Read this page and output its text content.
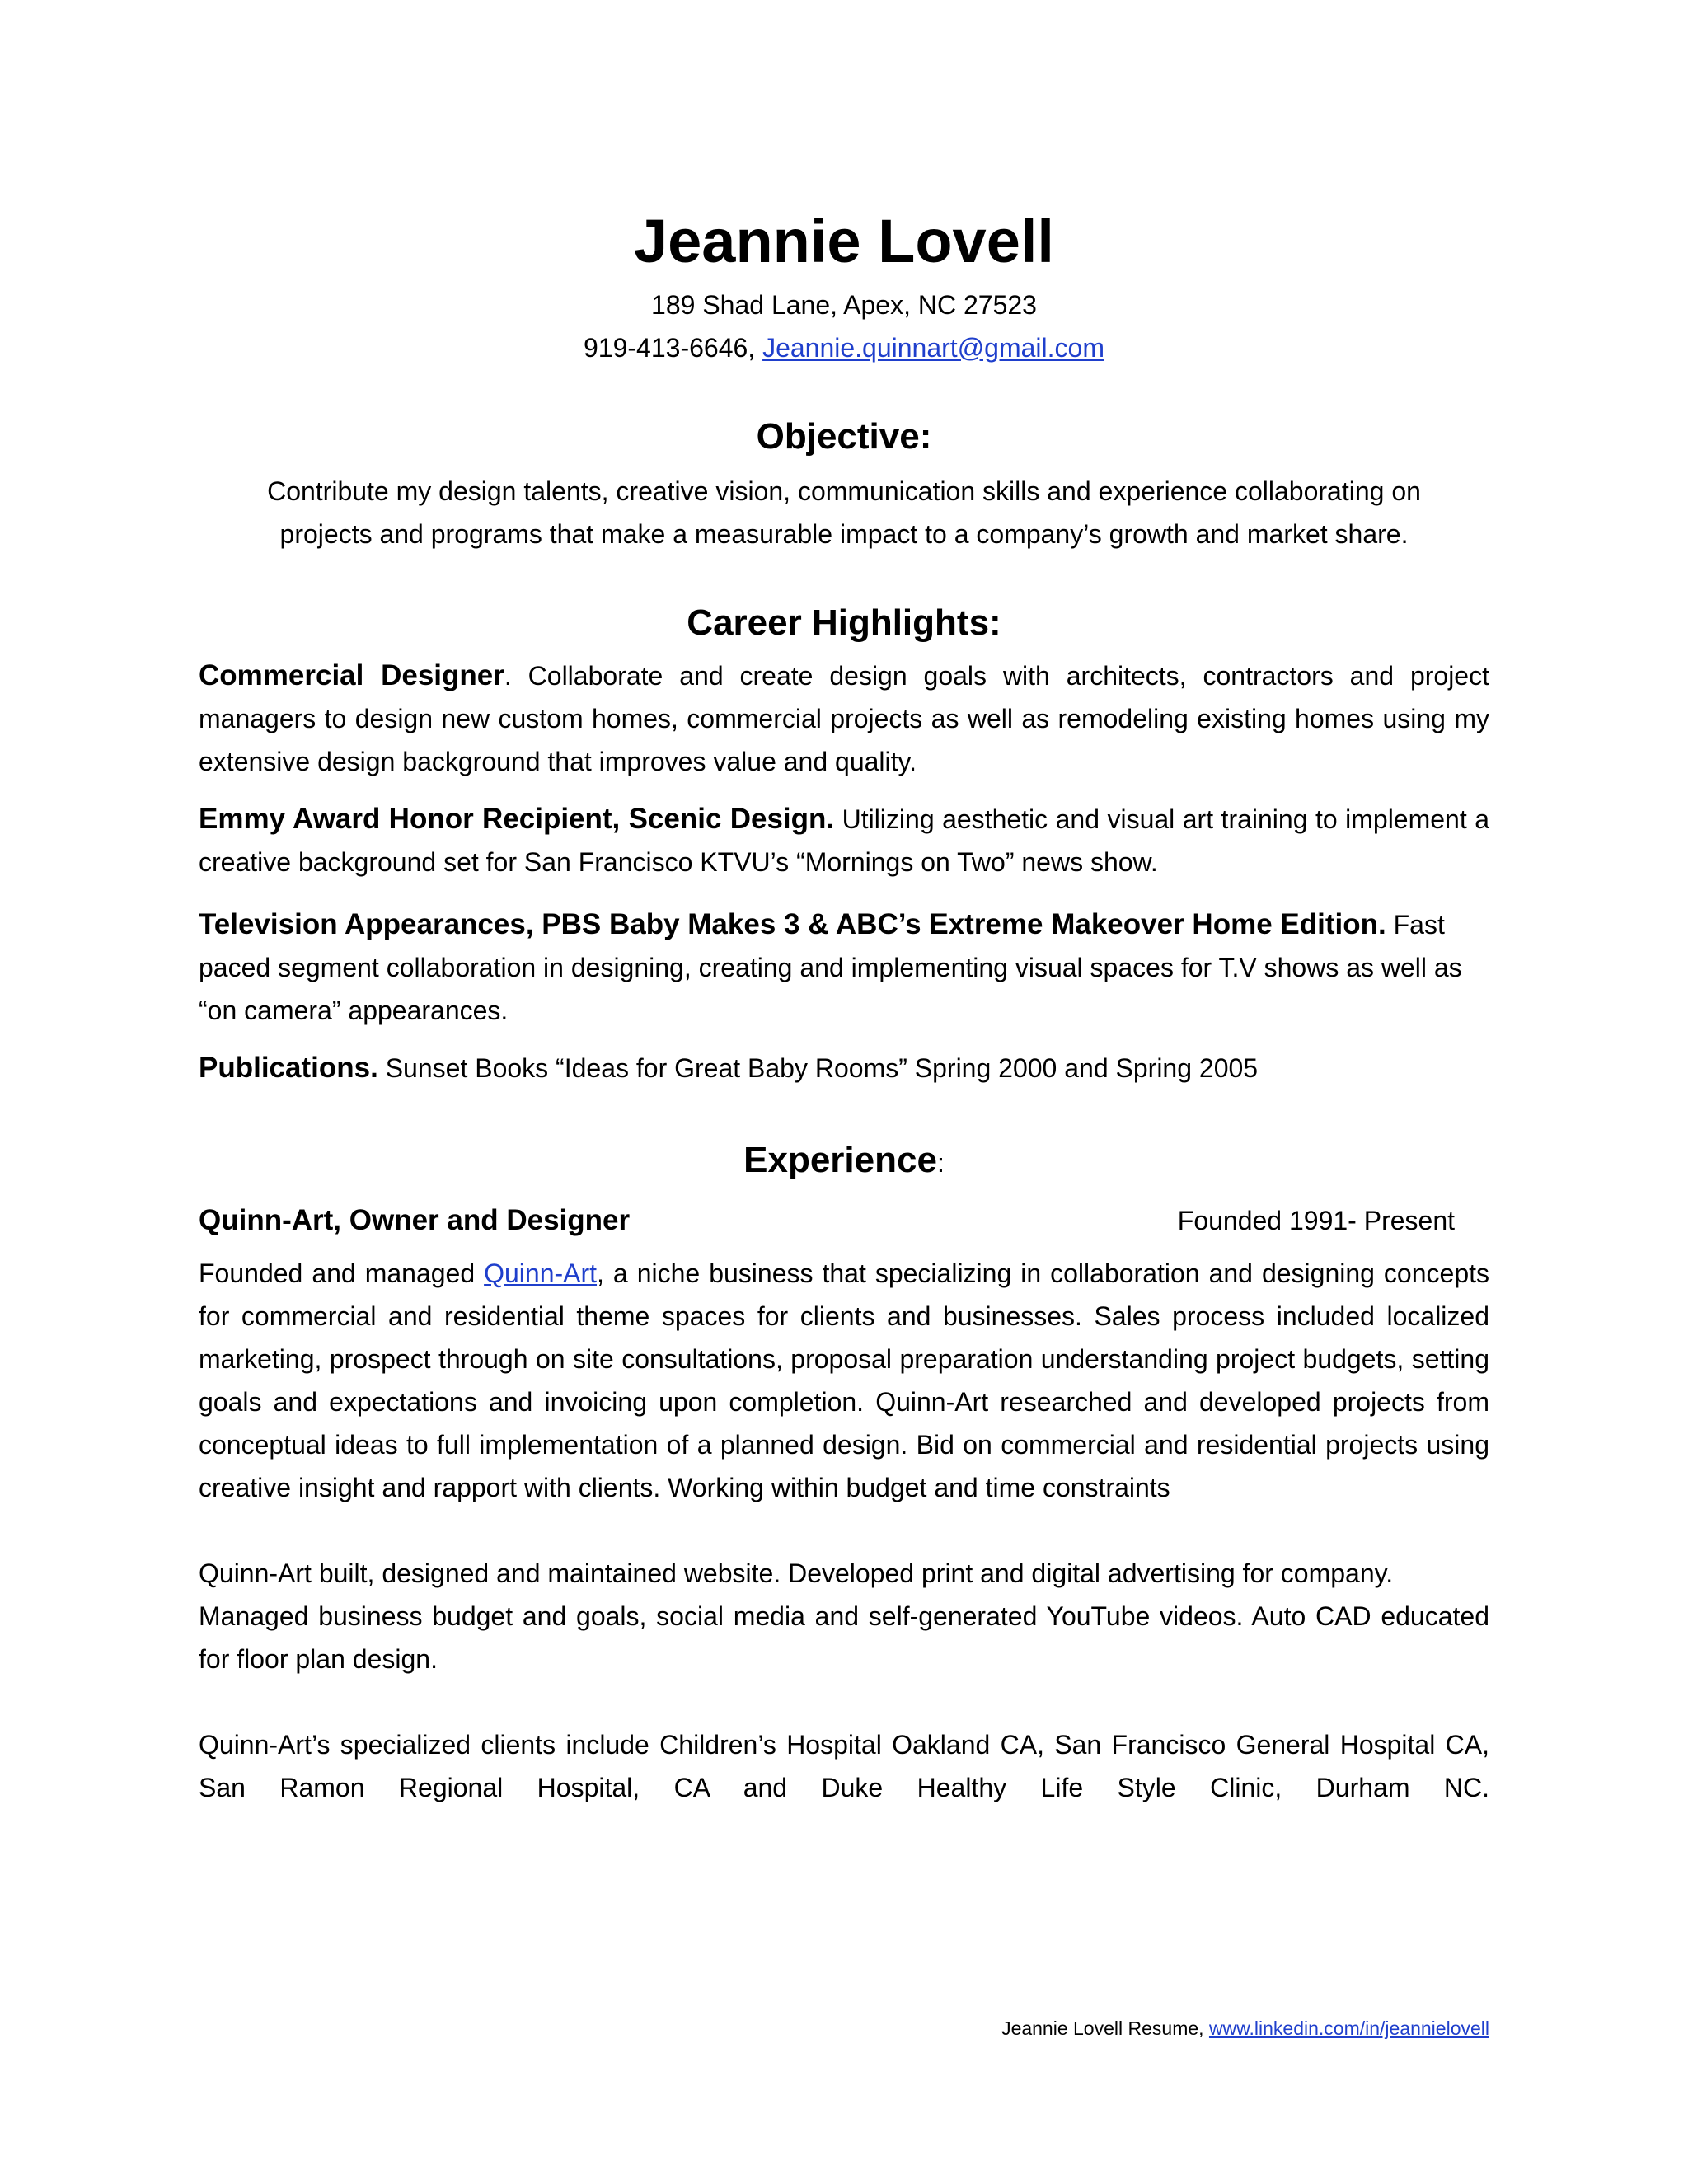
Jeannie Lovell

189 Shad Lane, Apex, NC 27523

919-413-6646, Jeannie.quinnart@gmail.com

Objective:

Contribute my design talents, creative vision, communication skills and experience collaborating on

projects and programs that make a measurable impact to a company’s growth and market share.

Career Highlights:

Commercial Designer. Collaborate and create design goals with architects, contractors and project managers to design new custom homes, commercial projects as well as remodeling existing homes using my extensive design background that improves value and quality.

Emmy Award Honor Recipient, Scenic Design. Utilizing aesthetic and visual art training to implement a creative background set for San Francisco KTVU’s “Mornings on Two” news show.

Television Appearances, PBS Baby Makes 3 & ABC’s Extreme Makeover Home Edition. Fast paced segment collaboration in designing, creating and implementing visual spaces for T.V shows as well as “on camera” appearances.

Publications. Sunset Books “Ideas for Great Baby Rooms” Spring 2000 and Spring 2005

Experience:
Quinn-Art, Owner and Designer	Founded 1991- Present

Founded and managed Quinn-Art, a niche business that specializing in collaboration and designing concepts for commercial and residential theme spaces for clients and businesses. Sales process included localized marketing, prospect through on site consultations, proposal preparation understanding project budgets, setting goals and expectations and invoicing upon completion. Quinn-Art researched and developed projects from conceptual ideas to full implementation of a planned design. Bid on commercial and residential projects using creative insight and rapport with clients. Working within budget and time constraints

Quinn-Art built, designed and maintained website. Developed print and digital advertising for company.

Managed business budget and goals, social media and self-generated YouTube videos. Auto CAD educated for floor plan design.

Quinn-Art’s specialized clients include Children’s Hospital Oakland CA, San Francisco General Hospital CA, San Ramon Regional Hospital, CA and Duke Healthy Life Style Clinic, Durham NC.

Jeannie Lovell Resume, www.linkedin.com/in/jeannielovell
